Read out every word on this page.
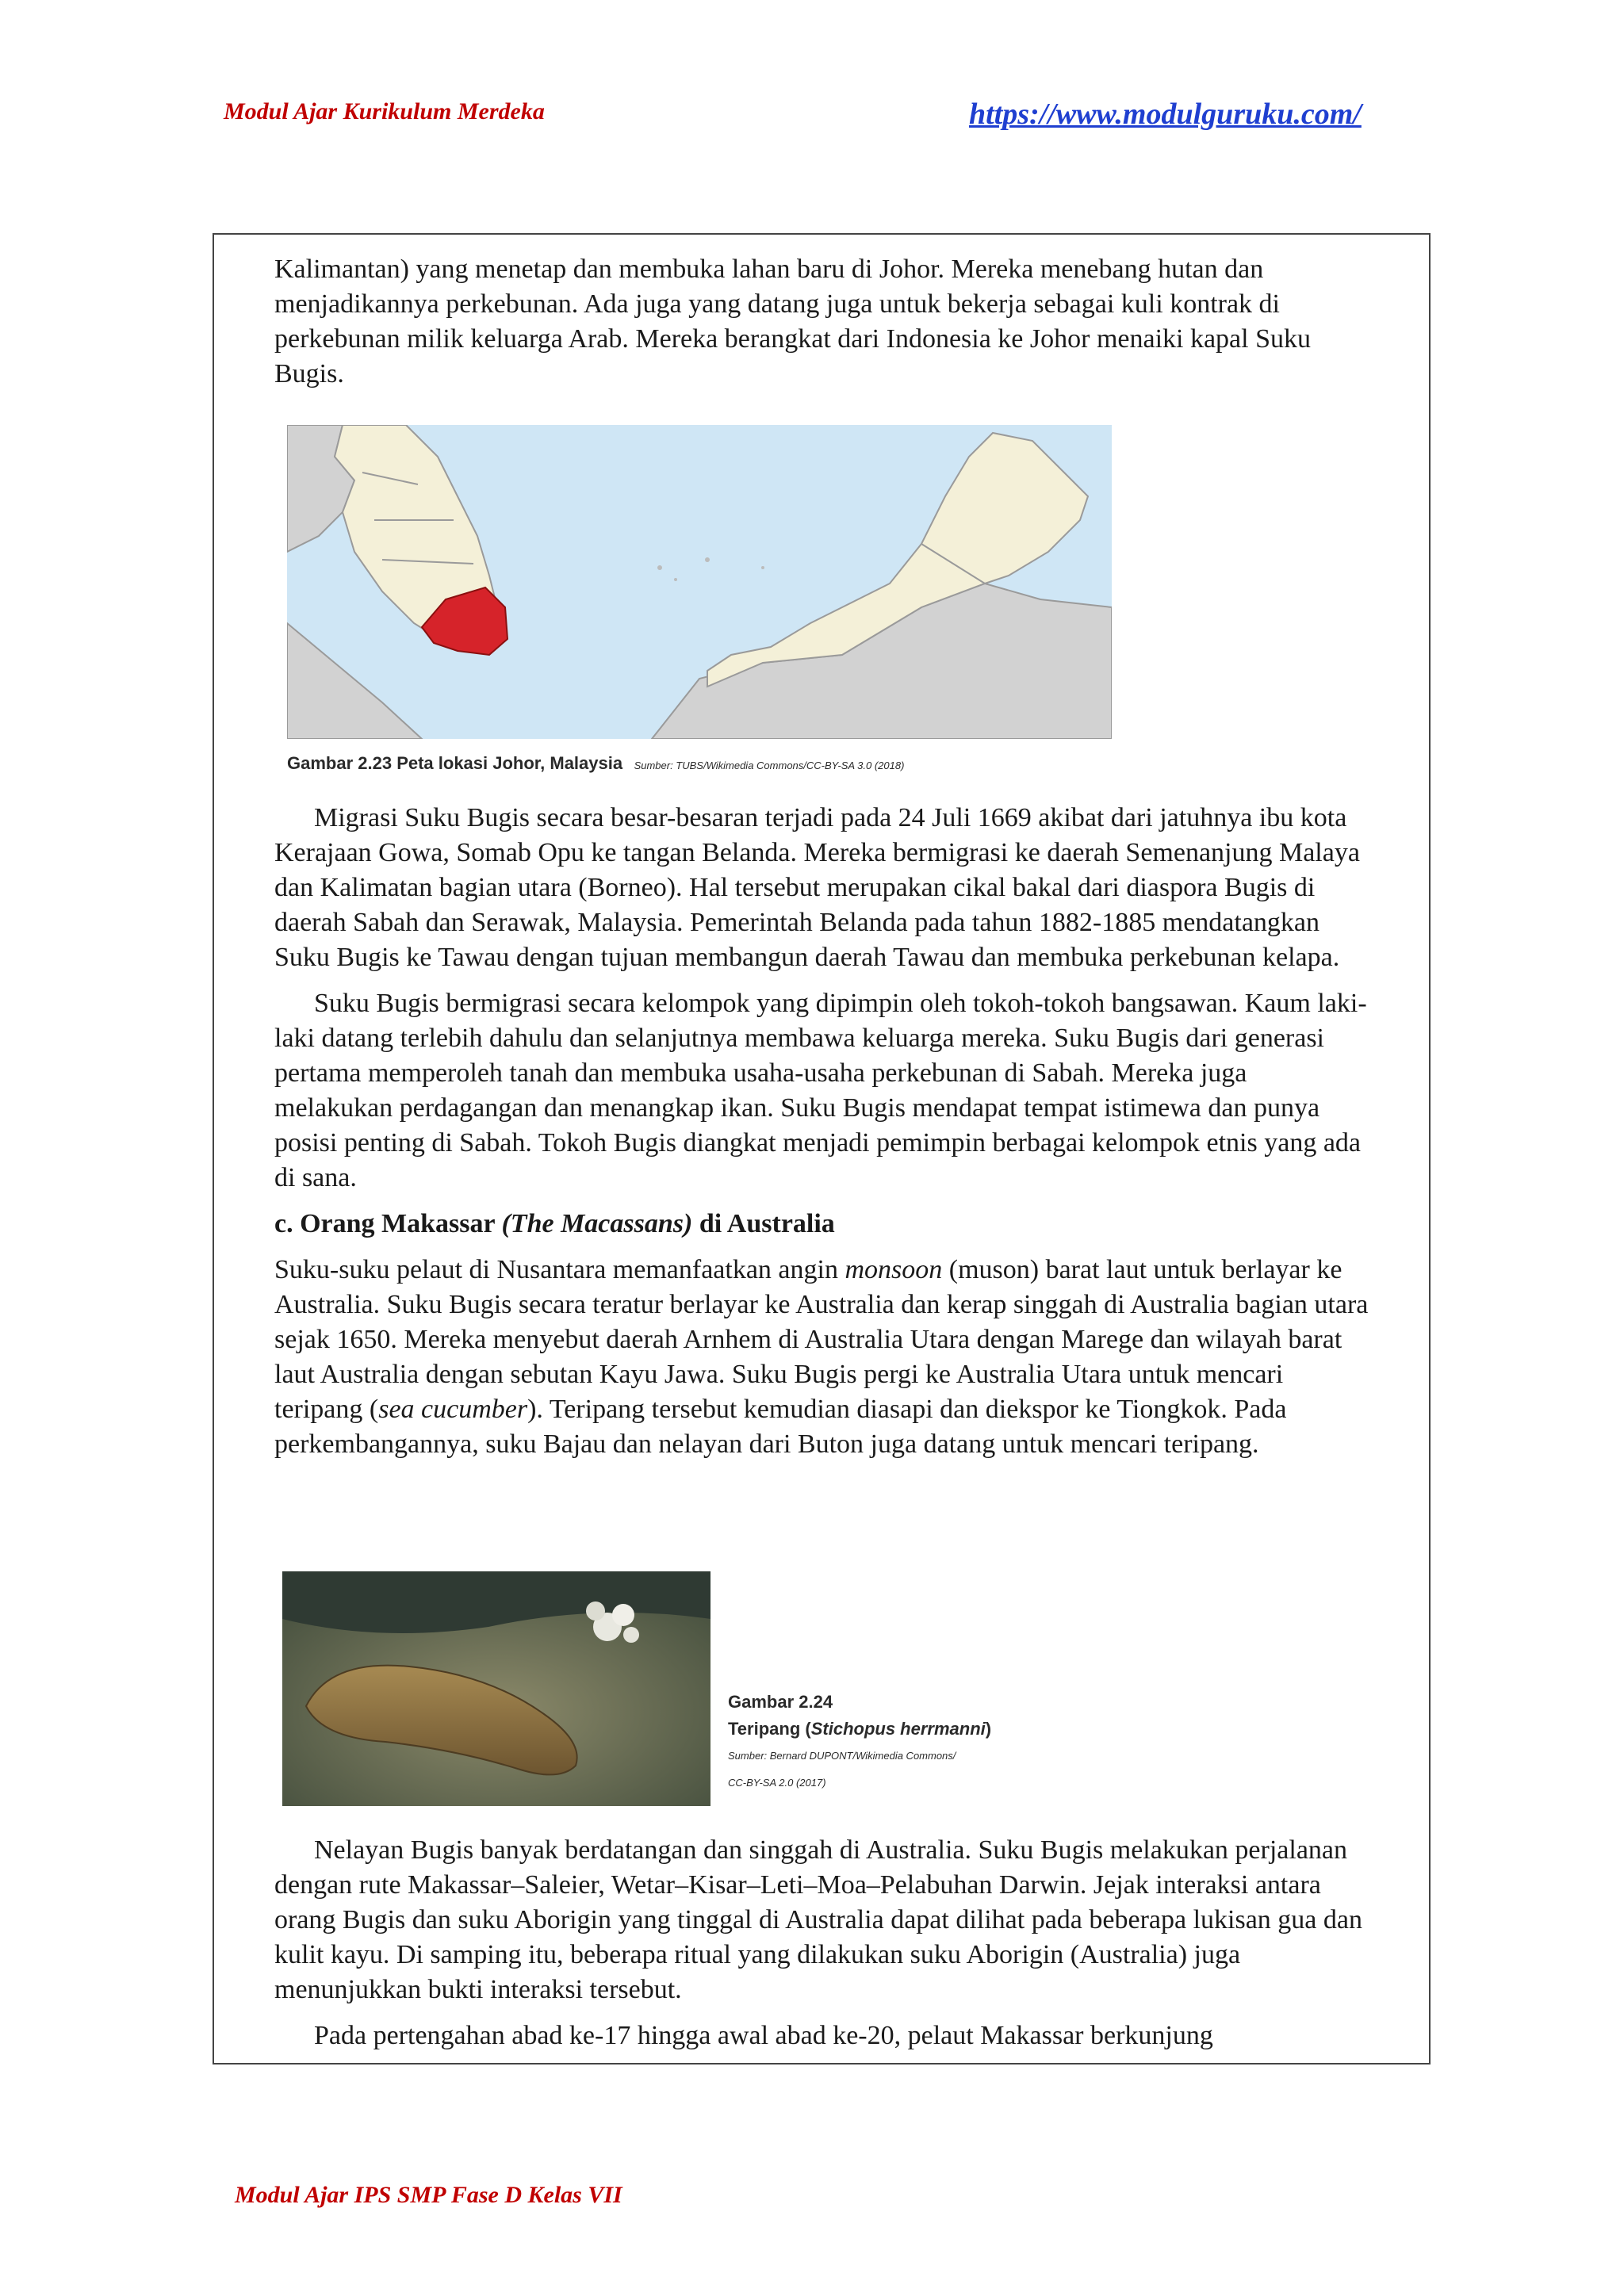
Modul Ajar Kurikulum Merdeka	https://www.modulguruku.com/

Kalimantan) yang menetap dan membuka lahan baru di Johor. Mereka menebang hutan dan menjadikannya perkebunan. Ada juga yang datang juga untuk bekerja sebagai kuli kontrak di perkebunan milik keluarga Arab. Mereka berangkat dari Indonesia ke Johor menaiki kapal Suku Bugis.

Gambar 2.23 Peta lokasi Johor, Malaysia Sumber: TUBS/Wikimedia Commons/CC-BY-SA 3.0 (2018)

Migrasi Suku Bugis secara besar-besaran terjadi pada 24 Juli 1669 akibat dari jatuhnya ibu kota Kerajaan Gowa, Somab Opu ke tangan Belanda. Mereka bermigrasi ke daerah Semenanjung Malaya dan Kalimatan bagian utara (Borneo). Hal tersebut merupakan cikal bakal dari diaspora Bugis di daerah Sabah dan Serawak, Malaysia. Pemerintah Belanda pada tahun 1882-1885 mendatangkan Suku Bugis ke Tawau dengan tujuan membangun daerah Tawau dan membuka perkebunan kelapa.

Suku Bugis bermigrasi secara kelompok yang dipimpin oleh tokoh-tokoh bangsawan. Kaum laki-laki datang terlebih dahulu dan selanjutnya membawa keluarga mereka. Suku Bugis dari generasi pertama memperoleh tanah dan membuka usaha-usaha perkebunan di Sabah. Mereka juga melakukan perdagangan dan menangkap ikan. Suku Bugis mendapat tempat istimewa dan punya posisi penting di Sabah. Tokoh Bugis diangkat menjadi pemimpin berbagai kelompok etnis yang ada di sana.

c. Orang Makassar (The Macassans) di Australia

Suku-suku pelaut di Nusantara memanfaatkan angin monsoon (muson) barat laut untuk berlayar ke Australia. Suku Bugis secara teratur berlayar ke Australia dan kerap singgah di Australia bagian utara sejak 1650. Mereka menyebut daerah Arnhem di Australia Utara dengan Marege dan wilayah barat laut Australia dengan sebutan Kayu Jawa. Suku Bugis pergi ke Australia Utara untuk mencari teripang (sea cucumber). Teripang tersebut kemudian diasapi dan diekspor ke Tiongkok. Pada perkembangannya, suku Bajau dan nelayan dari Buton juga datang untuk mencari teripang.

Gambar 2.24
Teripang (Stichopus herrmanni)
Sumber: Bernard DUPONT/Wikimedia Commons/
CC-BY-SA 2.0 (2017)

Nelayan Bugis banyak berdatangan dan singgah di Australia. Suku Bugis melakukan perjalanan dengan rute Makassar–Saleier, Wetar–Kisar–Leti–Moa–Pelabuhan Darwin. Jejak interaksi antara orang Bugis dan suku Aborigin yang tinggal di Australia dapat dilihat pada beberapa lukisan gua dan kulit kayu. Di samping itu, beberapa ritual yang dilakukan suku Aborigin (Australia) juga menunjukkan bukti interaksi tersebut.

Pada pertengahan abad ke-17 hingga awal abad ke-20, pelaut Makassar berkunjung

Modul Ajar IPS SMP Fase D Kelas VII
